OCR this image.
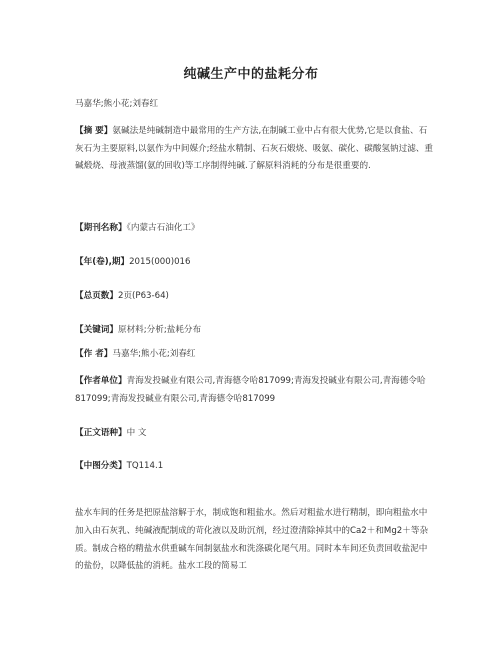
纯碱生产中的盐耗分布
马嘉华;熊小花;刘春红
【摘 要】氨碱法是纯碱制造中最常用的生产方法,在制碱工业中占有很大优势,它是以食盐、石灰石为主要原料,以氨作为中间媒介;经盐水精制、石灰石煅烧、吸氨、碳化、碳酸氢钠过滤、重碱煅烧、母液蒸馏(氨的回收)等工序制得纯碱.了解原料消耗的分布是很重要的.
【期刊名称】《内蒙古石油化工》
【年(卷),期】2015(000)016
【总页数】2页(P63-64)
【关键词】原材料;分析;盐耗分布
【作 者】马嘉华;熊小花;刘春红
【作者单位】青海发投碱业有限公司,青海德令哈817099;青海发投碱业有限公司,青海德令哈817099;青海发投碱业有限公司,青海德令哈817099
【正文语种】中 文
【中图分类】TQ114.1
盐水车间的任务是把原盐溶解于水，制成饱和粗盐水。然后对粗盐水进行精制，即向粗盐水中加入由石灰乳、纯碱液配制成的苛化液以及助沉剂，经过澄清除掉其中的Ca2＋和Mg2＋等杂质。制成合格的精盐水供重碱车间制氨盐水和洗涤碳化尾气用。同时本车间还负责回收盐泥中的盐份，以降低盐的消耗。盐水工段的简易工
